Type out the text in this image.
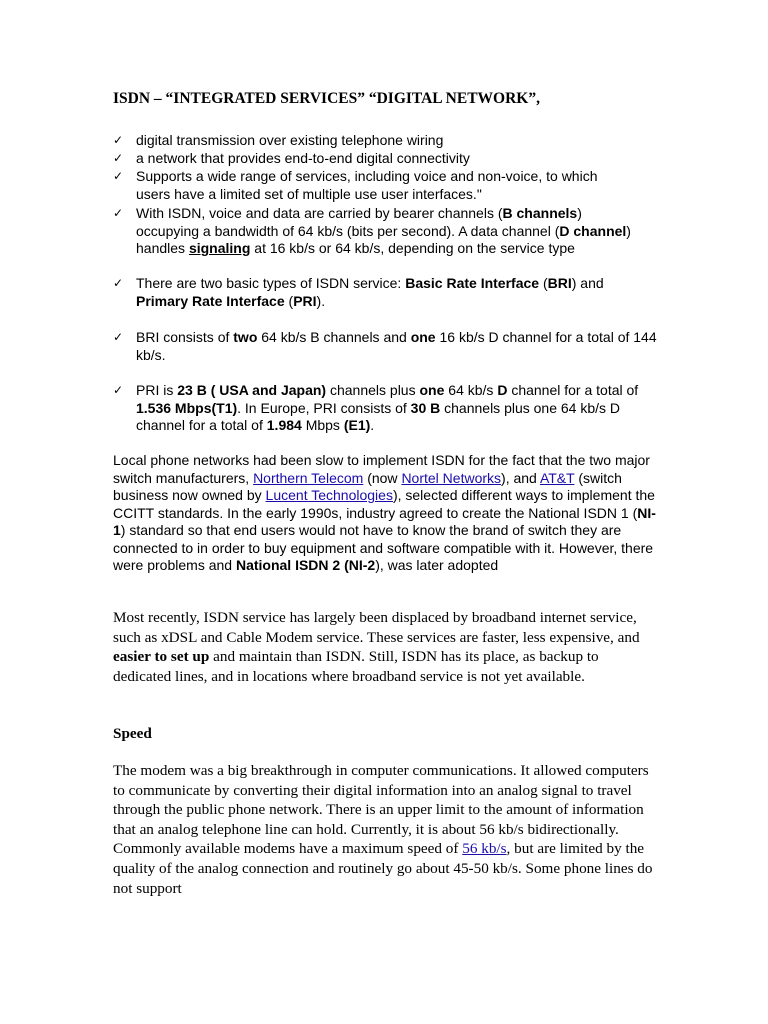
ISDN – “INTEGRATED SERVICES” “DIGITAL NETWORK”,
✓ digital transmission over existing telephone wiring
✓ a network that provides end-to-end digital connectivity
✓ Supports a wide range of services, including voice and non-voice, to which users have a limited set of multiple use user interfaces."
✓ With ISDN, voice and data are carried by bearer channels (B channels) occupying a bandwidth of 64 kb/s (bits per second). A data channel (D channel) handles signaling at 16 kb/s or 64 kb/s, depending on the service type
✓ There are two basic types of ISDN service: Basic Rate Interface (BRI) and Primary Rate Interface (PRI).
✓ BRI consists of two 64 kb/s B channels and one 16 kb/s D channel for a total of 144 kb/s.
✓ PRI is 23 B ( USA and Japan) channels plus one 64 kb/s D channel for a total of 1.536 Mbps(T1). In Europe, PRI consists of 30 B channels plus one 64 kb/s D channel for a total of 1.984 Mbps (E1).
Local phone networks had been slow to implement ISDN for the fact that the two major switch manufacturers, Northern Telecom (now Nortel Networks), and AT&T (switch business now owned by Lucent Technologies), selected different ways to implement the CCITT standards. In the early 1990s, industry agreed to create the National ISDN 1 (NI-1) standard so that end users would not have to know the brand of switch they are connected to in order to buy equipment and software compatible with it. However, there were problems and National ISDN 2 (NI-2), was later adopted
Most recently, ISDN service has largely been displaced by broadband internet service, such as xDSL and Cable Modem service. These services are faster, less expensive, and easier to set up and maintain than ISDN. Still, ISDN has its place, as backup to dedicated lines, and in locations where broadband service is not yet available.
Speed
The modem was a big breakthrough in computer communications. It allowed computers to communicate by converting their digital information into an analog signal to travel through the public phone network. There is an upper limit to the amount of information that an analog telephone line can hold. Currently, it is about 56 kb/s bidirectionally. Commonly available modems have a maximum speed of 56 kb/s, but are limited by the quality of the analog connection and routinely go about 45-50 kb/s. Some phone lines do not support
